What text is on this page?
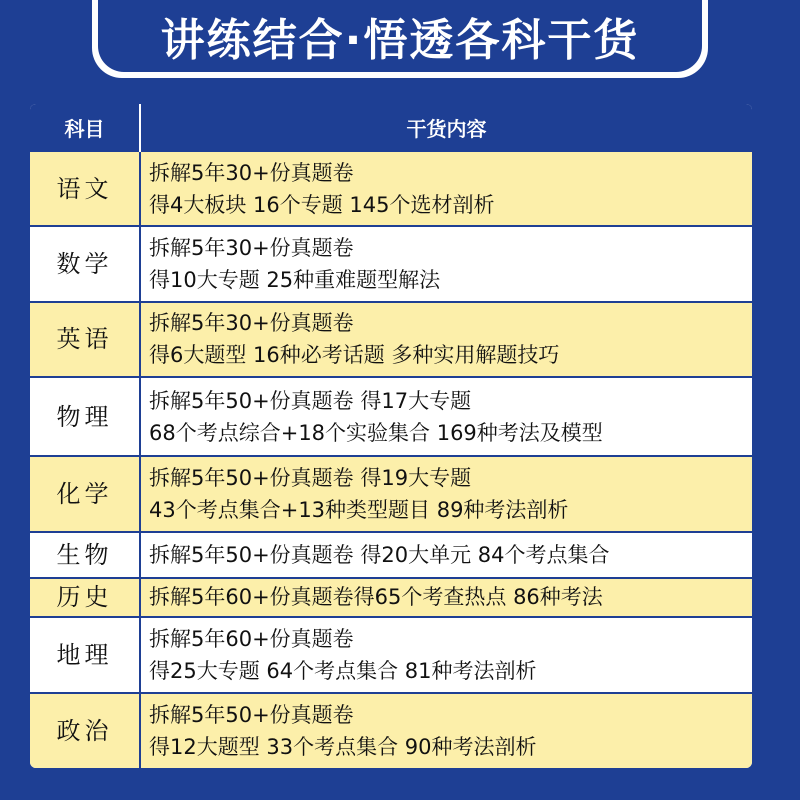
讲练结合·悟透各科干货
科目	干货内容
语文	拆解5年30+份真题卷
得4大板块 16个专题 145个选材剖析

数学	拆解5年30+份真题卷
得10大专题 25种重难题型解法

英语	拆解5年30+份真题卷
得6大题型 16种必考话题 多种实用解题技巧

物理	拆解5年50+份真题卷 得17大专题
68个考点综合+18个实验集合 169种考法及模型

化学	拆解5年50+份真题卷 得19大专题
43个考点集合+13种类型题目 89种考法剖析

生物	拆解5年50+份真题卷 得20大单元 84个考点集合

历史	拆解5年60+份真题卷得65个考查热点 86种考法

地理	拆解5年60+份真题卷
得25大专题 64个考点集合 81种考法剖析

政治	拆解5年50+份真题卷
得12大题型 33个考点集合 90种考法剖析
